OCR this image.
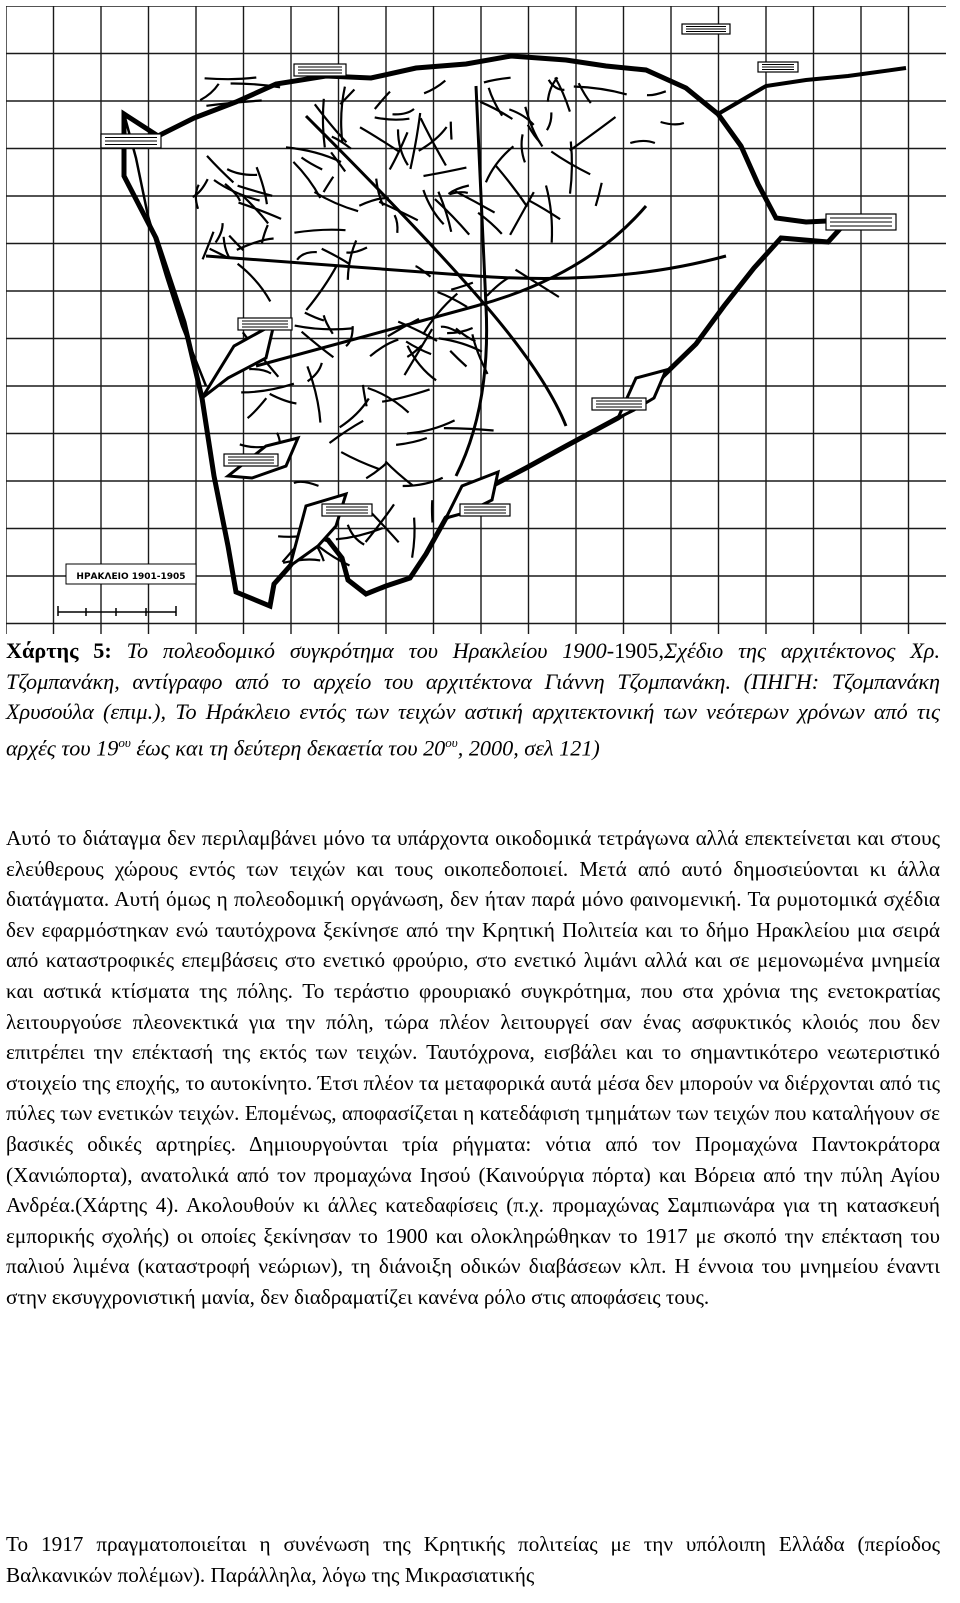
ΗΡΑΚΛΕΙΟ 1901-1905
Χάρτης 5: Το πολεοδομικό συγκρότημα του Ηρακλείου 1900-1905,Σχέδιο της αρχιτέκτονος Χρ. Τζομπανάκη, αντίγραφο από το αρχείο του αρχιτέκτονα Γιάννη Τζομπανάκη. (ΠΗΓΗ: Τζομπανάκη Χρυσούλα (επιμ.), Το Ηράκλειο εντός των τειχών αστική αρχιτεκτονική των νεότερων χρόνων από τις αρχές του $19^{o\upsilon}$ έως και τη δεύτερη δεκαετία του $20^{o\upsilon}$, 2000, σελ 121)

Αυτό το διάταγμα δεν περιλαμβάνει μόνο τα υπάρχοντα οικοδομικά τετράγωνα αλλά επεκτείνεται και στους ελεύθερους χώρους εντός των τειχών και τους οικοπεδοποιεί. Μετά από αυτό δημοσιεύονται κι άλλα διατάγματα. Αυτή όμως η πολεοδομική οργάνωση, δεν ήταν παρά μόνο φαινομενική. Τα ρυμοτομικά σχέδια δεν εφαρμόστηκαν ενώ ταυτόχρονα ξεκίνησε από την Κρητική Πολιτεία και το δήμο Ηρακλείου μια σειρά από καταστροφικές επεμβάσεις στο ενετικό φρούριο, στο ενετικό λιμάνι αλλά και σε μεμονωμένα μνημεία και αστικά κτίσματα της πόλης. Το τεράστιο φρουριακό συγκρότημα, που στα χρόνια της ενετοκρατίας λειτουργούσε πλεονεκτικά για την πόλη, τώρα πλέον λειτουργεί σαν ένας ασφυκτικός κλοιός που δεν επιτρέπει την επέκτασή της εκτός των τειχών. Ταυτόχρονα, εισβάλει και το σημαντικότερο νεωτεριστικό στοιχείο της εποχής, το αυτοκίνητο. Έτσι πλέον τα μεταφορικά αυτά μέσα δεν μπορούν να διέρχονται από τις πύλες των ενετικών τειχών. Επομένως, αποφασίζεται η κατεδάφιση τμημάτων των τειχών που καταλήγουν σε βασικές οδικές αρτηρίες. Δημιουργούνται τρία ρήγματα: νότια από τον Προμαχώνα Παντοκράτορα (Χανιώπορτα), ανατολικά από τον προμαχώνα Ιησού (Καινούργια πόρτα) και Βόρεια από την πύλη Αγίου Ανδρέα.(Χάρτης 4). Ακολουθούν κι άλλες κατεδαφίσεις (π.χ. προμαχώνας Σαμπιωνάρα για τη κατασκευή εμπορικής σχολής) οι οποίες ξεκίνησαν το 1900 και ολοκληρώθηκαν το 1917 με σκοπό την επέκταση του παλιού λιμένα (καταστροφή νεώριων), τη διάνοιξη οδικών διαβάσεων κλπ. Η έννοια του μνημείου έναντι στην εκσυγχρονιστική μανία, δεν διαδραματίζει κανένα ρόλο στις αποφάσεις τους.

Το 1917 πραγματοποιείται η συνένωση της Κρητικής πολιτείας με την υπόλοιπη Ελλάδα (περίοδος Βαλκανικών πολέμων). Παράλληλα, λόγω της Μικρασιατικής
